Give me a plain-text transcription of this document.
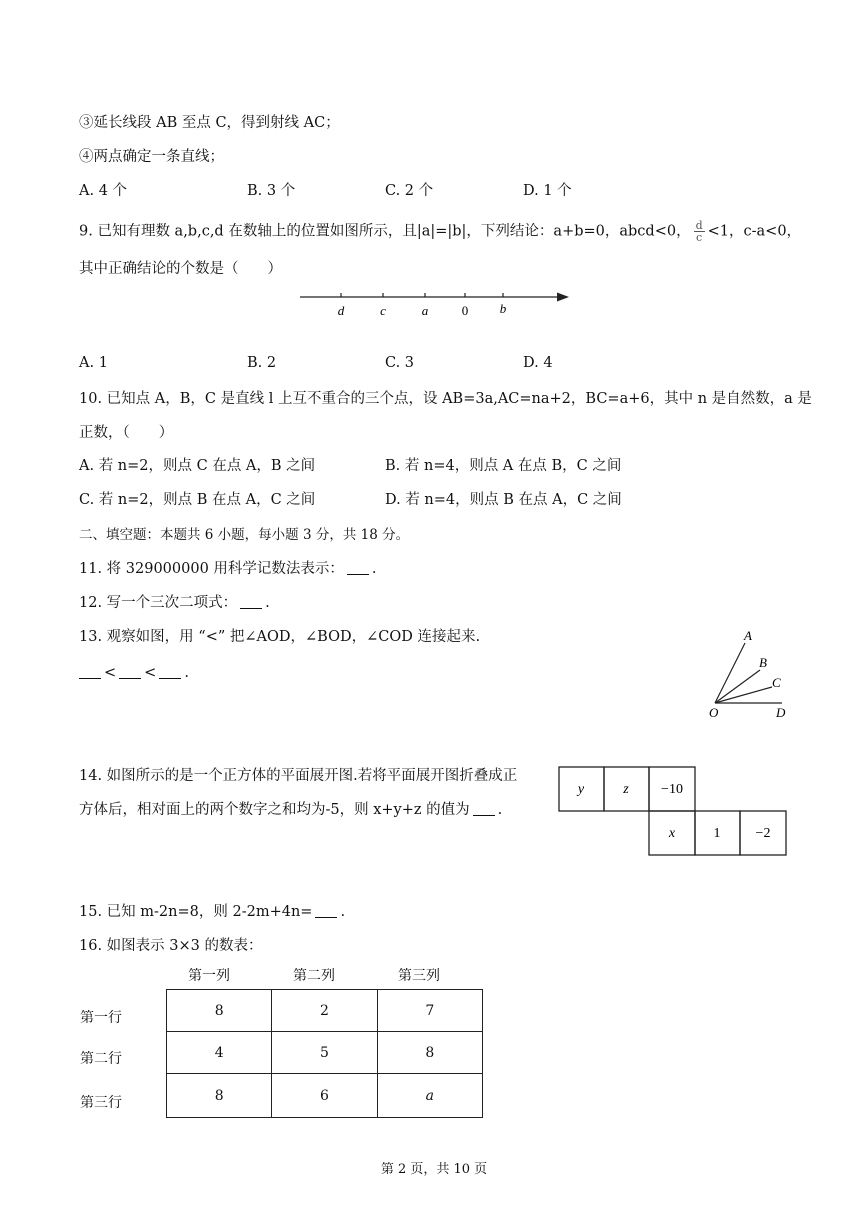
③延长线段 AB 至点 C，得到射线 AC；
④两点确定一条直线；
A. 4 个	B. 3 个	C. 2 个	D. 1 个
9. 已知有理数 a,b,c,d 在数轴上的位置如图所示，且|a|=|b|，下列结论：a+b=0，abcd<0， $\frac{d}{c} <1$，c-a<0，
其中正确结论的个数是（　　）
d	c	a	0 b
A. 1	B. 2	C. 3	D. 4
10. 已知点 A，B，C 是直线 l 上互不重合的三个点，设 AB=3a,AC=na+2，BC=a+6，其中 n 是自然数，a 是
正数，（　　）
A. 若 n=2，则点 C 在点 A，B 之间	B. 若 n=4，则点 A 在点 B，C 之间
C. 若 n=2，则点 B 在点 A，C 之间	D. 若 n=4，则点 B 在点 A，C 之间
二、填空题：本题共 6 小题，每小题 3 分，共 18 分。
11. 将 329000000 用科学记数法表示： .
12. 写一个三次二项式： .
13. 观察如图，用 “<” 把∠AOD，∠BOD，∠COD 连接起来.
< < .
A
B
C
D
O
14. 如图所示的是一个正方体的平面展开图.若将平面展开图折叠成正
方体后，相对面上的两个数字之和均为-5，则 x+y+z 的值为 .
y	z −10
x	1	−2
15. 已知 m-2n=8，则 2-2m+4n= .
16. 如图表示 3×3 的数表：
第一列	第二列	第三列
第一行
第二行
第三行
8	2	7
4	5	8
8	6	a
第 2 页，共 10 页
